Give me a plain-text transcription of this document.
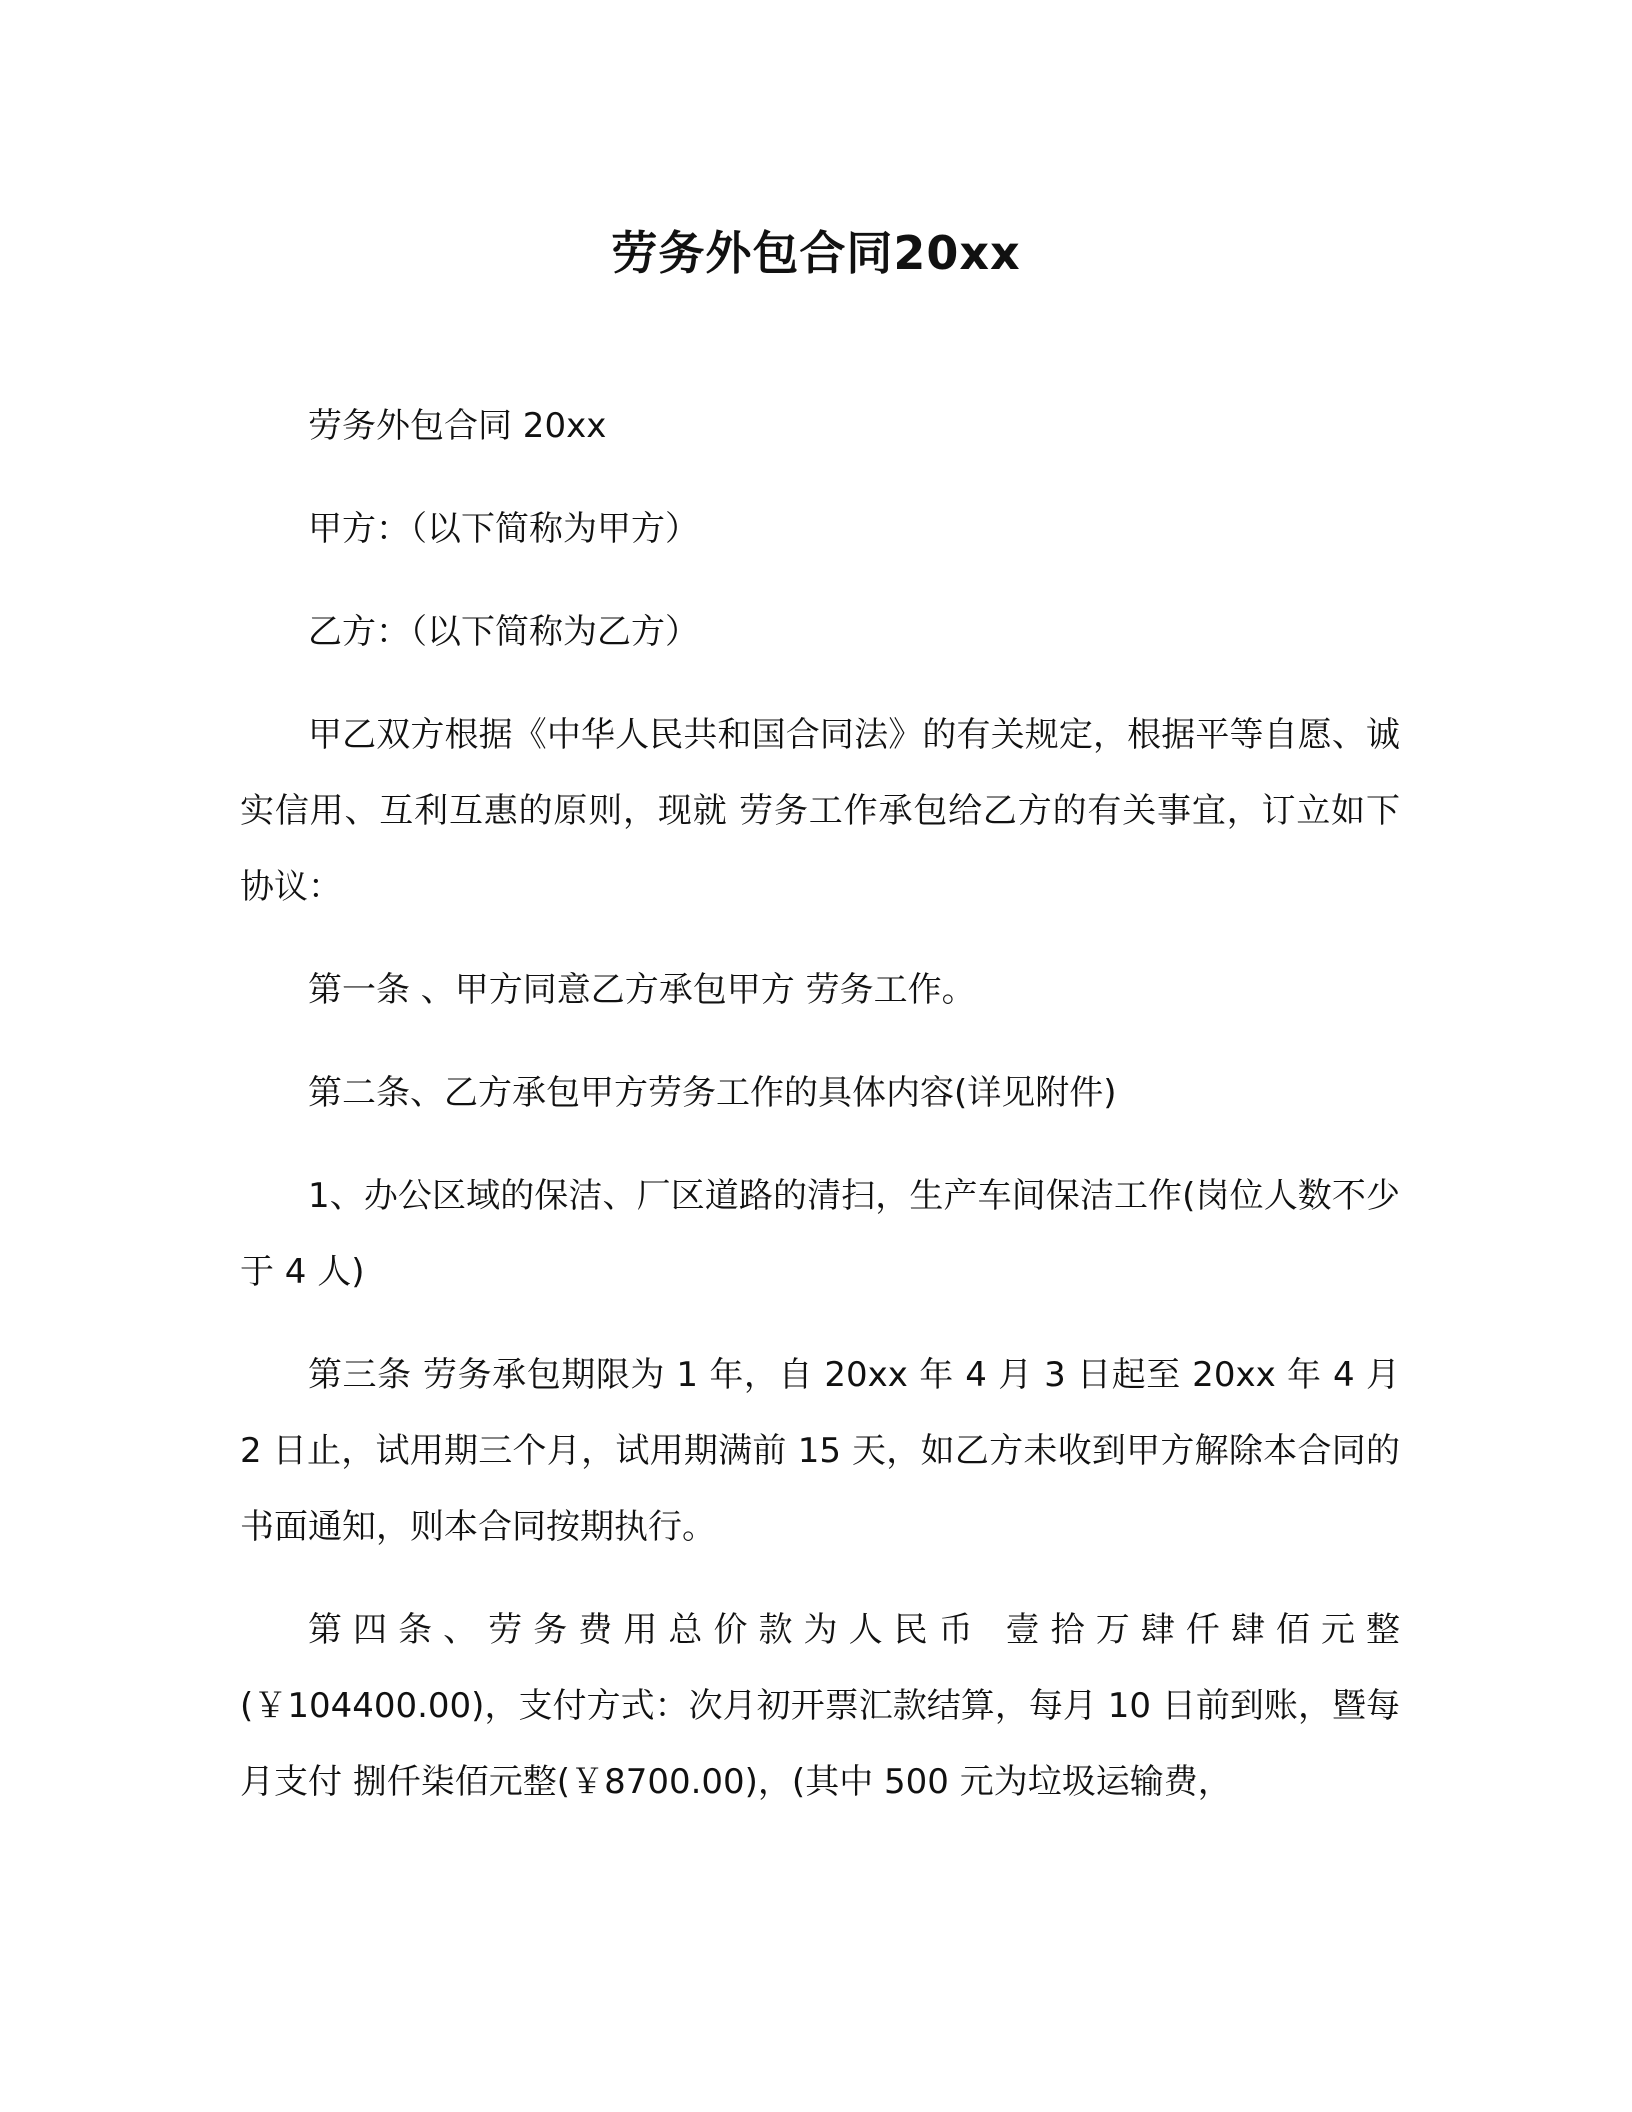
劳务外包合同20xx

劳务外包合同 20xx

甲方：（以下简称为甲方）

乙方：（以下简称为乙方）

甲乙双方根据《中华人民共和国合同法》的有关规定，根据平等自愿、诚实信用、互利互惠的原则，现就 劳务工作承包给乙方的有关事宜，订立如下协议：

第一条 、甲方同意乙方承包甲方 劳务工作。

第二条、乙方承包甲方劳务工作的具体内容(详见附件)

1、办公区域的保洁、厂区道路的清扫，生产车间保洁工作(岗位人数不少于 4 人)

第三条 劳务承包期限为 1 年，自 20xx 年 4 月 3 日起至 20xx 年 4 月 2 日止，试用期三个月，试用期满前 15 天，如乙方未收到甲方解除本合同的书面通知，则本合同按期执行。

第四条、劳务费用总价款为人民币 壹拾万肆仟肆佰元整(￥104400.00)，支付方式：次月初开票汇款结算，每月 10 日前到账，暨每月支付 捌仟柒佰元整(￥8700.00)，(其中 500 元为垃圾运输费，
